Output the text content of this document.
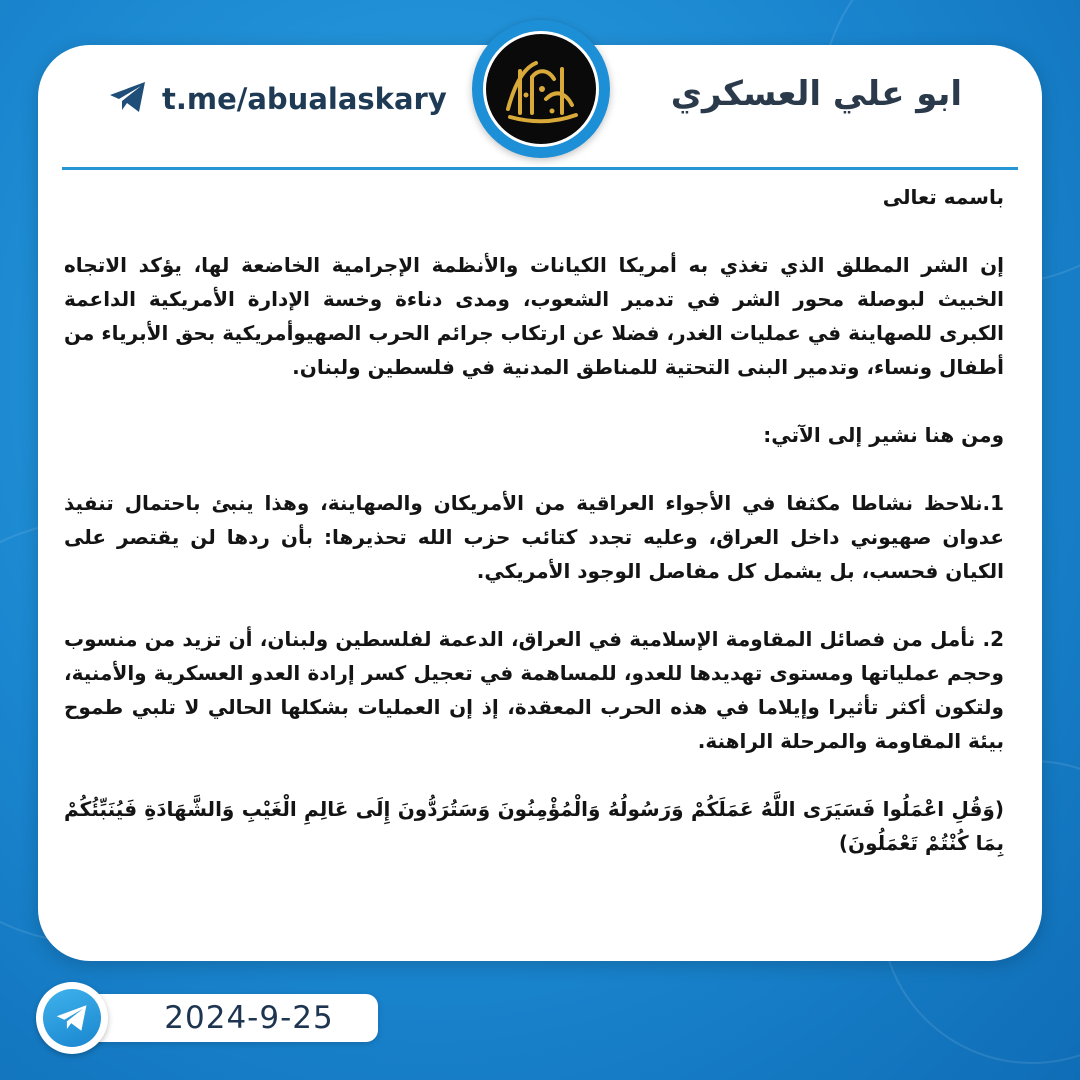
ابو علي العسكري
t.me/abualaskary

باسمه تعالى

إن الشر المطلق الذي تغذي به أمريكا الكيانات والأنظمة الإجرامية الخاضعة لها، يؤكد الاتجاه الخبيث لبوصلة محور الشر في تدمير الشعوب، ومدى دناءة وخسة الإدارة الأمريكية الداعمة الكبرى للصهاينة في عمليات الغدر، فضلا عن ارتكاب جرائم الحرب الصهيوأمريكية بحق الأبرياء من أطفال ونساء، وتدمير البنى التحتية للمناطق المدنية في فلسطين ولبنان.

ومن هنا نشير إلى الآتي:

1.نلاحظ نشاطا مكثفا في الأجواء العراقية من الأمريكان والصهاينة، وهذا ينبئ باحتمال تنفيذ عدوان صهيوني داخل العراق، وعليه تجدد كتائب حزب الله تحذيرها: بأن ردها لن يقتصر على الكيان فحسب، بل يشمل كل مفاصل الوجود الأمريكي.

2. نأمل من فصائل المقاومة الإسلامية في العراق، الدعمة لفلسطين ولبنان، أن تزيد من منسوب وحجم عملياتها ومستوى تهديدها للعدو، للمساهمة في تعجيل كسر إرادة العدو العسكرية والأمنية، ولتكون أكثر تأثيرا وإيلاما في هذه الحرب المعقدة، إذ إن العمليات بشكلها الحالي لا تلبي طموح بيئة المقاومة والمرحلة الراهنة.

(وَقُلِ اعْمَلُوا فَسَيَرَى اللَّهُ عَمَلَكُمْ وَرَسُولُهُ وَالْمُؤْمِنُونَ وَسَتُرَدُّونَ إِلَى عَالِمِ الْغَيْبِ وَالشَّهَادَةِ فَيُنَبِّئُكُمْ بِمَا كُنْتُمْ تَعْمَلُونَ)

2024-9-25
